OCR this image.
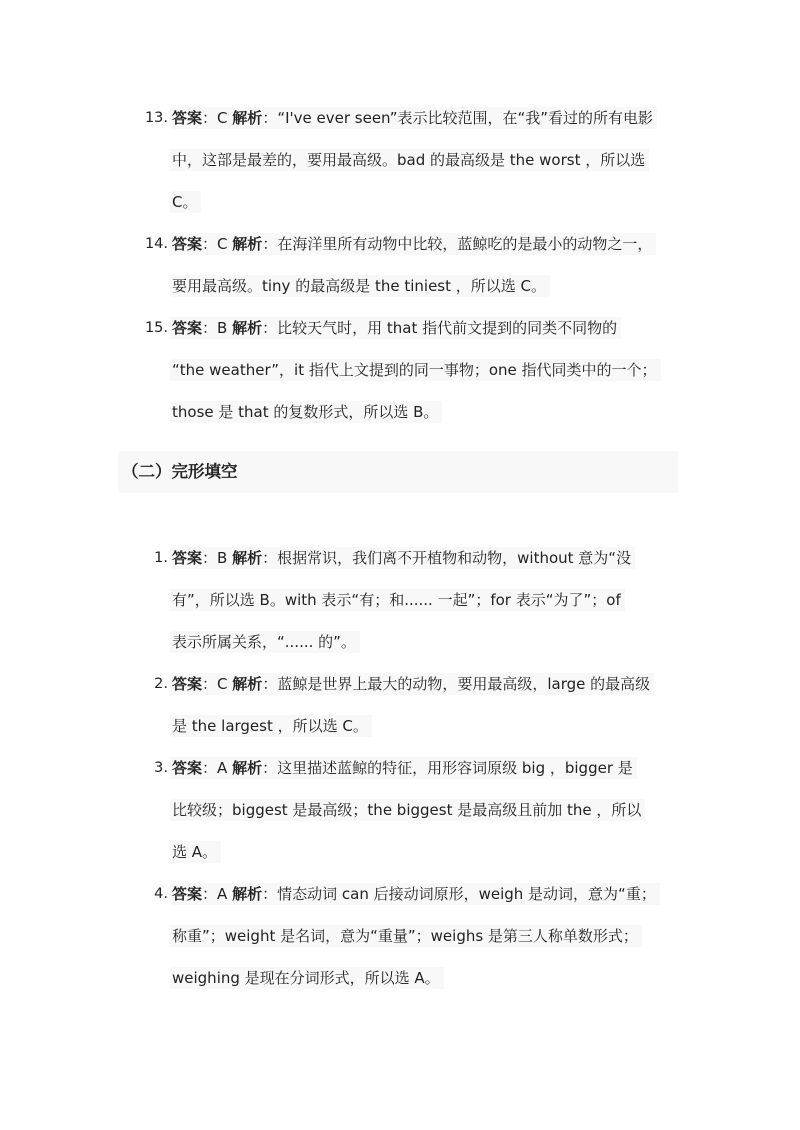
13. 答案：C 解析：“I've ever seen”表示比较范围，在“我”看过的所有电影
中，这部是最差的，要用最高级。bad 的最高级是 the worst ，所以选
C。
14. 答案：C 解析：在海洋里所有动物中比较，蓝鲸吃的是最小的动物之一，
要用最高级。tiny 的最高级是 the tiniest ，所以选 C。
15. 答案：B 解析：比较天气时，用 that 指代前文提到的同类不同物的
“the weather”，it 指代上文提到的同一事物；one 指代同类中的一个；
those 是 that 的复数形式，所以选 B。
（二）完形填空
1. 答案：B 解析：根据常识，我们离不开植物和动物，without 意为“没
有”，所以选 B。with 表示“有；和...... 一起”；for 表示“为了”；of
表示所属关系，“...... 的”。
2. 答案：C 解析：蓝鲸是世界上最大的动物，要用最高级，large 的最高级
是 the largest ，所以选 C。
3. 答案：A 解析：这里描述蓝鲸的特征，用形容词原级 big ，bigger 是
比较级；biggest 是最高级；the biggest 是最高级且前加 the ，所以
选 A。
4. 答案：A 解析：情态动词 can 后接动词原形，weigh 是动词，意为“重；
称重”；weight 是名词，意为“重量”；weighs 是第三人称单数形式；
weighing 是现在分词形式，所以选 A。
